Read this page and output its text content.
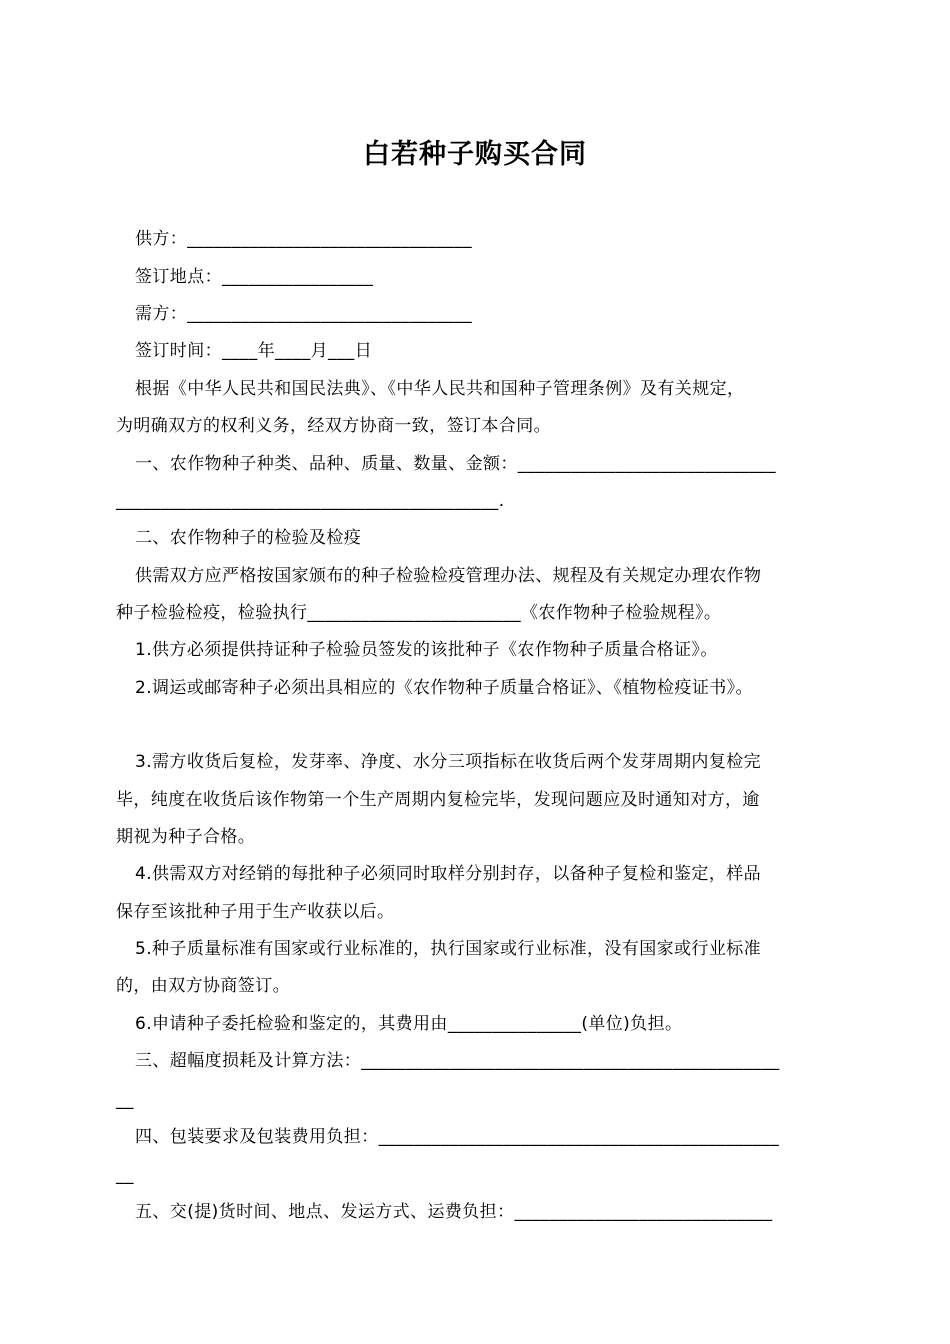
白若种子购买合同
供方：________________________________
签订地点：_________________
需方：________________________________
签订时间：____年____月___日
根据《中华人民共和国民法典》、《中华人民共和国种子管理条例》及有关规定，
为明确双方的权利义务，经双方协商一致，签订本合同。
一、农作物种子种类、品种、质量、数量、金额：_____________________________
___________________________________________.
二、农作物种子的检验及检疫
供需双方应严格按国家颁布的种子检验检疫管理办法、规程及有关规定办理农作物
种子检验检疫，检验执行________________________《农作物种子检验规程》。
1.供方必须提供持证种子检验员签发的该批种子《农作物种子质量合格证》。
2.调运或邮寄种子必须出具相应的《农作物种子质量合格证》、《植物检疫证书》。
3.需方收货后复检，发芽率、净度、水分三项指标在收货后两个发芽周期内复检完
毕，纯度在收货后该作物第一个生产周期内复检完毕，发现问题应及时通知对方，逾
期视为种子合格。
4.供需双方对经销的每批种子必须同时取样分别封存，以备种子复检和鉴定，样品
保存至该批种子用于生产收获以后。
5.种子质量标准有国家或行业标准的，执行国家或行业标准，没有国家或行业标准
的，由双方协商签订。
6.申请种子委托检验和鉴定的，其费用由_______________(单位)负担。
三、超幅度损耗及计算方法：_______________________________________________
__
四、包装要求及包装费用负担：_____________________________________________
__
五、交(提)货时间、地点、发运方式、运费负担：_____________________________
